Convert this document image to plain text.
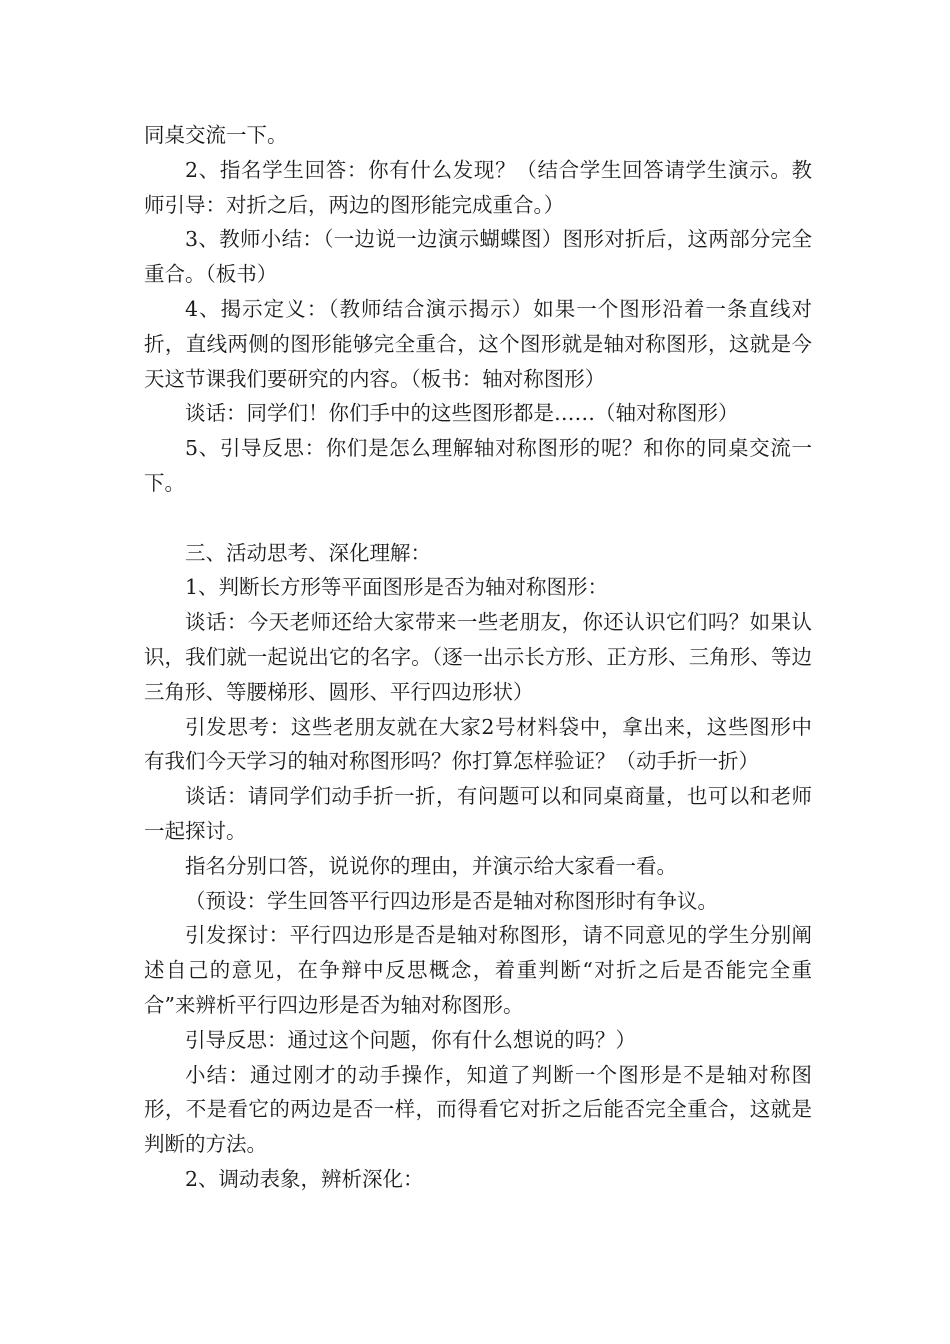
同桌交流一下。

2、指名学生回答：你有什么发现？（结合学生回答请学生演示。教师引导：对折之后，两边的图形能完成重合。）

3、教师小结：（一边说一边演示蝴蝶图）图形对折后，这两部分完全重合。（板书）

4、揭示定义：（教师结合演示揭示）如果一个图形沿着一条直线对折，直线两侧的图形能够完全重合，这个图形就是轴对称图形，这就是今天这节课我们要研究的内容。（板书：轴对称图形）

谈话：同学们！你们手中的这些图形都是……（轴对称图形）

5、引导反思：你们是怎么理解轴对称图形的呢？和你的同桌交流一下。

三、活动思考、深化理解：

1、判断长方形等平面图形是否为轴对称图形：

谈话：今天老师还给大家带来一些老朋友，你还认识它们吗？如果认识，我们就一起说出它的名字。（逐一出示长方形、正方形、三角形、等边三角形、等腰梯形、圆形、平行四边形状）

引发思考：这些老朋友就在大家2号材料袋中，拿出来，这些图形中有我们今天学习的轴对称图形吗？你打算怎样验证？（动手折一折）

谈话：请同学们动手折一折，有问题可以和同桌商量，也可以和老师一起探讨。

指名分别口答，说说你的理由，并演示给大家看一看。

（预设：学生回答平行四边形是否是轴对称图形时有争议。

引发探讨：平行四边形是否是轴对称图形，请不同意见的学生分别阐述自己的意见，在争辩中反思概念，着重判断“对折之后是否能完全重合”来辨析平行四边形是否为轴对称图形。

引导反思：通过这个问题，你有什么想说的吗？）

小结：通过刚才的动手操作，知道了判断一个图形是不是轴对称图形，不是看它的两边是否一样，而得看它对折之后能否完全重合，这就是判断的方法。

2、调动表象，辨析深化：
